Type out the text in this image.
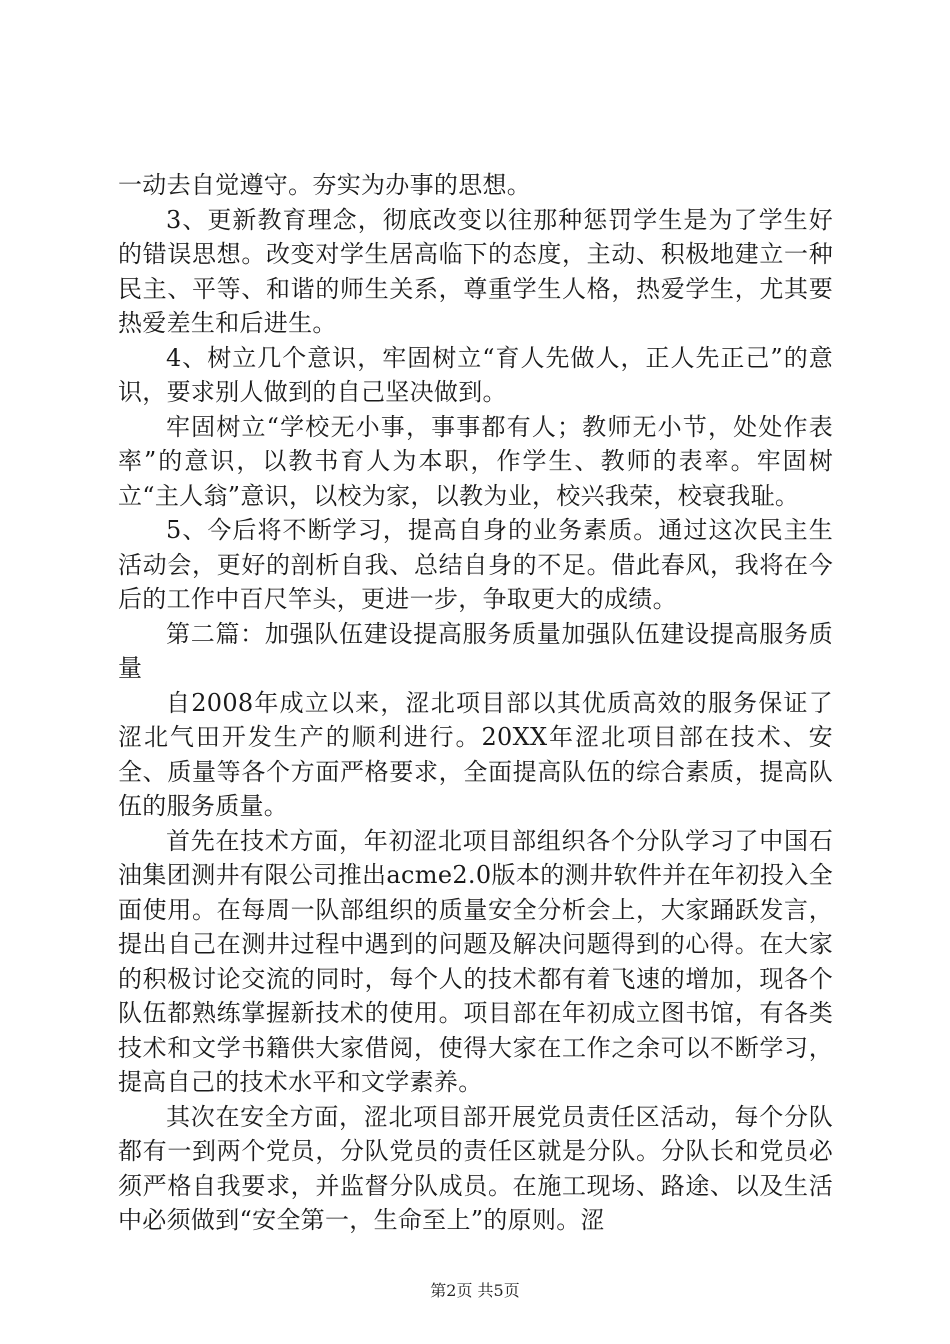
一动去自觉遵守。夯实为办事的思想。

3、更新教育理念，彻底改变以往那种惩罚学生是为了学生好的错误思想。改变对学生居高临下的态度，主动、积极地建立一种民主、平等、和谐的师生关系，尊重学生人格，热爱学生，尤其要热爱差生和后进生。

4、树立几个意识，牢固树立“育人先做人，正人先正己”的意识，要求别人做到的自己坚决做到。

牢固树立“学校无小事，事事都有人；教师无小节，处处作表率”的意识，以教书育人为本职，作学生、教师的表率。牢固树立“主人翁”意识，以校为家，以教为业，校兴我荣，校衰我耻。

5、今后将不断学习，提高自身的业务素质。通过这次民主生活动会，更好的剖析自我、总结自身的不足。借此春风，我将在今后的工作中百尺竿头，更进一步，争取更大的成绩。

第二篇：加强队伍建设提高服务质量加强队伍建设提高服务质量

自2008年成立以来，涩北项目部以其优质高效的服务保证了涩北气田开发生产的顺利进行。20XX年涩北项目部在技术、安全、质量等各个方面严格要求，全面提高队伍的综合素质，提高队伍的服务质量。

首先在技术方面，年初涩北项目部组织各个分队学习了中国石油集团测井有限公司推出acme2.0版本的测井软件并在年初投入全面使用。在每周一队部组织的质量安全分析会上，大家踊跃发言，提出自己在测井过程中遇到的问题及解决问题得到的心得。在大家的积极讨论交流的同时，每个人的技术都有着飞速的增加，现各个队伍都熟练掌握新技术的使用。项目部在年初成立图书馆，有各类技术和文学书籍供大家借阅，使得大家在工作之余可以不断学习，提高自己的技术水平和文学素养。

其次在安全方面，涩北项目部开展党员责任区活动，每个分队都有一到两个党员，分队党员的责任区就是分队。分队长和党员必须严格自我要求，并监督分队成员。在施工现场、路途、以及生活中必须做到“安全第一，生命至上”的原则。涩

第2页 共5页
